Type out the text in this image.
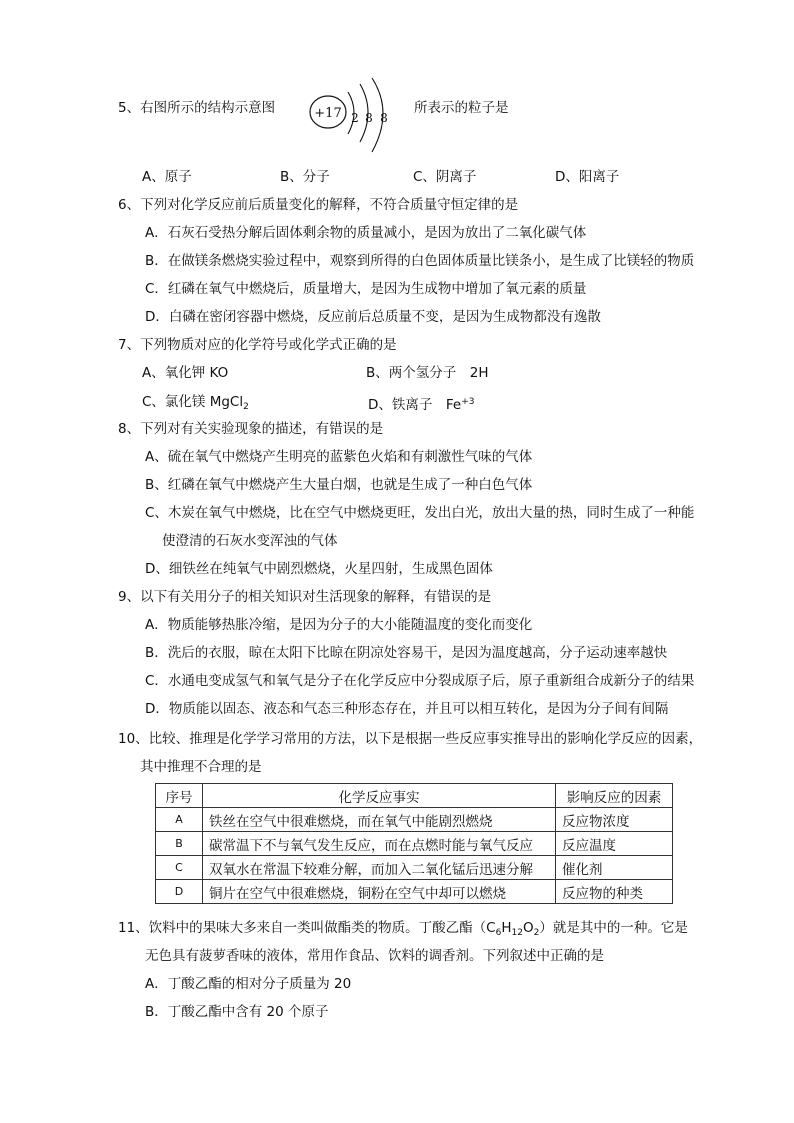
5、右图所示的结构示意图	+17 2 8 8
所表示的粒子是
A、原子	B、分子	C、阴离子	D、阳离子
6、下列对化学反应前后质量变化的解释，不符合质量守恒定律的是
A．石灰石受热分解后固体剩余物的质量减小，是因为放出了二氧化碳气体
B．在做镁条燃烧实验过程中，观察到所得的白色固体质量比镁条小，是生成了比镁轻的物质
C．红磷在氧气中燃烧后，质量增大，是因为生成物中增加了氧元素的质量
D．白磷在密闭容器中燃烧，反应前后总质量不变，是因为生成物都没有逸散
7、下列物质对应的化学符号或化学式正确的是
A、氧化钾 KO	B、两个氢分子　2H
C、氯化镁 MgCl$_2$	D、铁离子　$Fe^{+3}$
8、下列对有关实验现象的描述，有错误的是
A、硫在氧气中燃烧产生明亮的蓝紫色火焰和有刺激性气味的气体
B、红磷在氧气中燃烧产生大量白烟，也就是生成了一种白色气体
C、木炭在氧气中燃烧，比在空气中燃烧更旺，发出白光，放出大量的热，同时生成了一种能
使澄清的石灰水变浑浊的气体
D、细铁丝在纯氧气中剧烈燃烧，火星四射，生成黑色固体
9、以下有关用分子的相关知识对生活现象的解释，有错误的是
A．物质能够热胀冷缩，是因为分子的大小能随温度的变化而变化
B．洗后的衣服，晾在太阳下比晾在阴凉处容易干，是因为温度越高，分子运动速率越快
C．水通电变成氢气和氧气是分子在化学反应中分裂成原子后，原子重新组合成新分子的结果
D．物质能以固态、液态和气态三种形态存在，并且可以相互转化，是因为分子间有间隔
10、比较、推理是化学学习常用的方法，以下是根据一些反应事实推导出的影响化学反应的因素，
其中推理不合理的是
序号	化学反应事实	影响反应的因素
A	铁丝在空气中很难燃烧，而在氧气中能剧烈燃烧	反应物浓度
B	碳常温下不与氧气发生反应，而在点燃时能与氧气反应	反应温度
C	双氧水在常温下较难分解，而加入二氧化锰后迅速分解	催化剂
D	铜片在空气中很难燃烧，铜粉在空气中却可以燃烧	反应物的种类
11、饮料中的果味大多来自一类叫做酯类的物质。丁酸乙酯$(C_6H_{12}O_2)$就是其中的一种。它是
无色具有菠萝香味的液体，常用作食品、饮料的调香剂。下列叙述中正确的是
A．丁酸乙酯的相对分子质量为 20
B．丁酸乙酯中含有 20 个原子
